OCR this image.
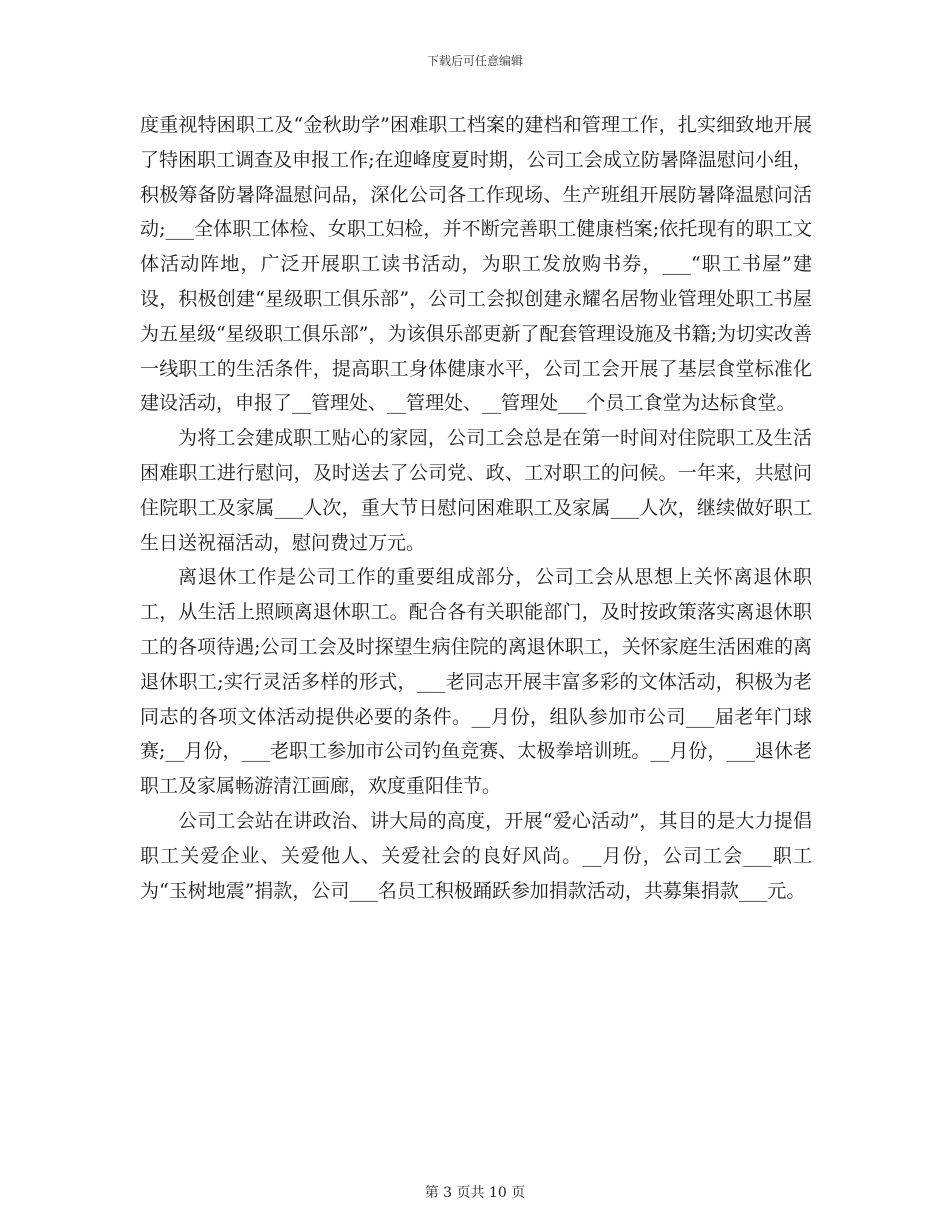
下载后可任意编辑

度重视特困职工及“金秋助学”困难职工档案的建档和管理工作，扎实细致地开展了特困职工调查及申报工作;在迎峰度夏时期，公司工会成立防暑降温慰问小组，积极筹备防暑降温慰问品，深化公司各工作现场、生产班组开展防暑降温慰问活动;___全体职工体检、女职工妇检，并不断完善职工健康档案;依托现有的职工文体活动阵地，广泛开展职工读书活动，为职工发放购书券，___“职工书屋”建设，积极创建“星级职工俱乐部”，公司工会拟创建永耀名居物业管理处职工书屋为五星级“星级职工俱乐部”，为该俱乐部更新了配套管理设施及书籍;为切实改善一线职工的生活条件，提高职工身体健康水平，公司工会开展了基层食堂标准化建设活动，申报了__管理处、__管理处、__管理处___个员工食堂为达标食堂。

为将工会建成职工贴心的家园，公司工会总是在第一时间对住院职工及生活困难职工进行慰问，及时送去了公司党、政、工对职工的问候。一年来，共慰问住院职工及家属___人次，重大节日慰问困难职工及家属___人次，继续做好职工生日送祝福活动，慰问费过万元。

离退休工作是公司工作的重要组成部分，公司工会从思想上关怀离退休职工，从生活上照顾离退休职工。配合各有关职能部门，及时按政策落实离退休职工的各项待遇;公司工会及时探望生病住院的离退休职工，关怀家庭生活困难的离退休职工;实行灵活多样的形式，___老同志开展丰富多彩的文体活动，积极为老同志的各项文体活动提供必要的条件。__月份，组队参加市公司___届老年门球赛;__月份，___老职工参加市公司钓鱼竞赛、太极拳培训班。__月份，___退休老职工及家属畅游清江画廊，欢度重阳佳节。

公司工会站在讲政治、讲大局的高度，开展“爱心活动”，其目的是大力提倡职工关爱企业、关爱他人、关爱社会的良好风尚。__月份，公司工会___职工为“玉树地震”捐款，公司___名员工积极踊跃参加捐款活动，共募集捐款___元。

第 3 页共 10 页
